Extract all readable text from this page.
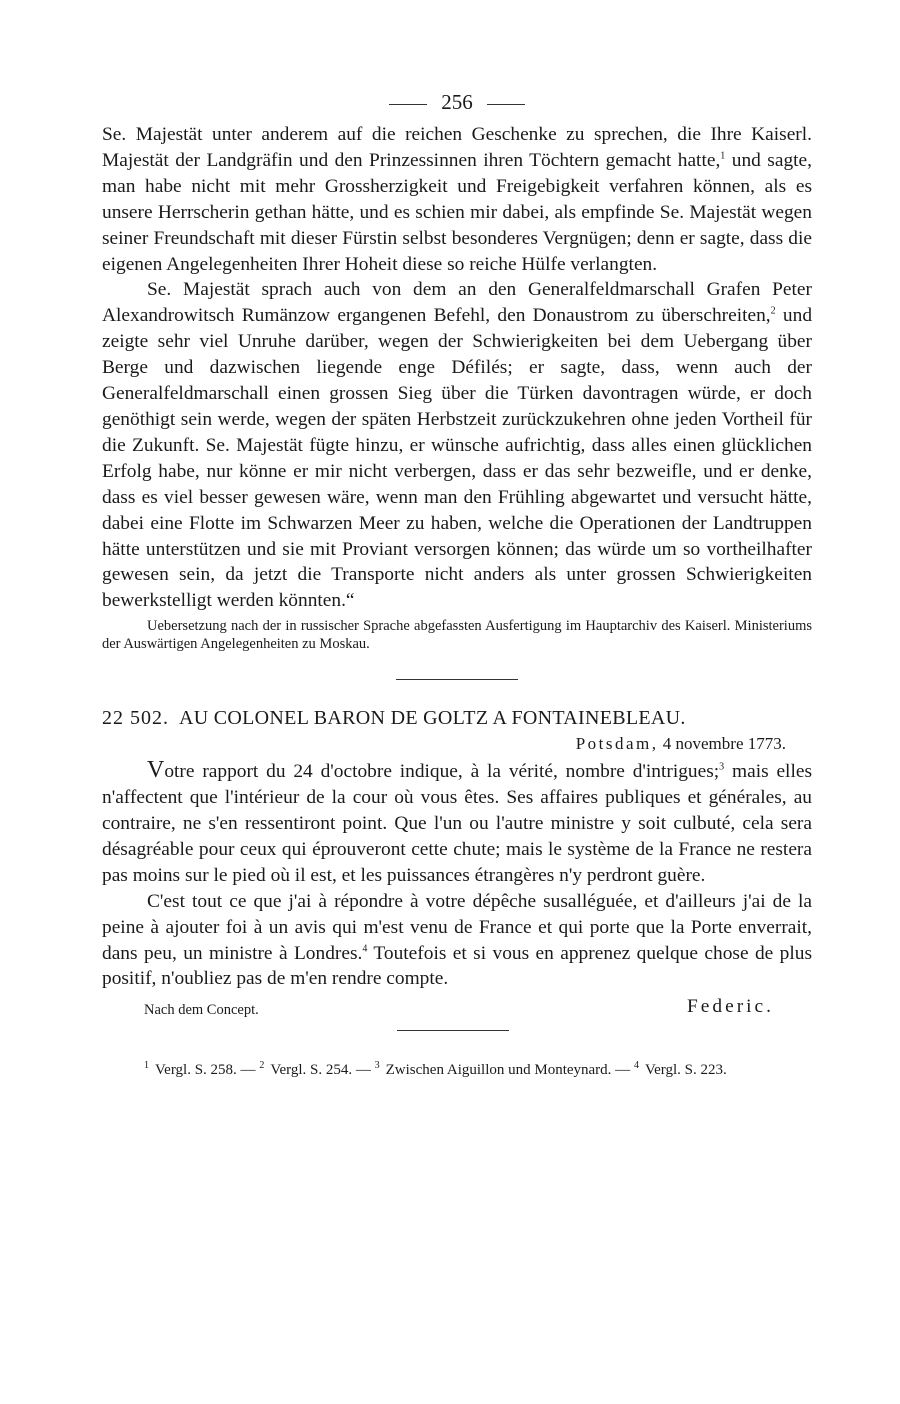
256

Se. Majestät unter anderem auf die reichen Geschenke zu sprechen, die Ihre Kaiserl. Majestät der Landgräfin und den Prinzessinnen ihren Töchtern gemacht hatte,$^1$ und sagte, man habe nicht mit mehr Grossherzigkeit und Freigebigkeit verfahren können, als es unsere Herrscherin gethan hätte, und es schien mir dabei, als empfinde Se. Majestät wegen seiner Freundschaft mit dieser Fürstin selbst besonderes Vergnügen; denn er sagte, dass die eigenen Angelegenheiten Ihrer Hoheit diese so reiche Hülfe verlangten.

Se. Majestät sprach auch von dem an den Generalfeldmarschall Grafen Peter Alexandrowitsch Rumänzow ergangenen Befehl, den Donaustrom zu überschreiten,$^2$ und zeigte sehr viel Unruhe darüber, wegen der Schwierigkeiten bei dem Uebergang über Berge und dazwischen liegende enge Défilés; er sagte, dass, wenn auch der Generalfeldmarschall einen grossen Sieg über die Türken davontragen würde, er doch genöthigt sein werde, wegen der späten Herbstzeit zurückzukehren ohne jeden Vortheil für die Zukunft. Se. Majestät fügte hinzu, er wünsche aufrichtig, dass alles einen glücklichen Erfolg habe, nur könne er mir nicht verbergen, dass er das sehr bezweifle, und er denke, dass es viel besser gewesen wäre, wenn man den Frühling abgewartet und versucht hätte, dabei eine Flotte im Schwarzen Meer zu haben, welche die Operationen der Landtruppen hätte unterstützen und sie mit Proviant versorgen können; das würde um so vortheilhafter gewesen sein, da jetzt die Transporte nicht anders als unter grossen Schwierigkeiten bewerkstelligt werden könnten.“

Uebersetzung nach der in russischer Sprache abgefassten Ausfertigung im Hauptarchiv des Kaiserl. Ministeriums der Auswärtigen Angelegenheiten zu Moskau.

22 502. AU COLONEL BARON DE GOLTZ A FONTAINEBLEAU.
Potsdam, 4 novembre 1773.

Votre rapport du 24 d'octobre indique, à la vérité, nombre d'intrigues;$^3$ mais elles n'affectent que l'intérieur de la cour où vous êtes. Ses affaires publiques et générales, au contraire, ne s'en ressentiront point. Que l'un ou l'autre ministre y soit culbuté, cela sera désagréable pour ceux qui éprouveront cette chute; mais le système de la France ne restera pas moins sur le pied où il est, et les puissances étrangères n'y perdront guère.

C'est tout ce que j'ai à répondre à votre dépêche susalléguée, et d'ailleurs j'ai de la peine à ajouter foi à un avis qui m'est venu de France et qui porte que la Porte enverrait, dans peu, un ministre à Londres.$^4$ Toutefois et si vous en apprenez quelque chose de plus positif, n'oubliez pas de m'en rendre compte.

Nach dem Concept.	Federic.
$^1$ Vergl. S. 258. — $^2$ Vergl. S. 254. — $^3$ Zwischen Aiguillon und Monteynard. — $^4$ Vergl. S. 223.
